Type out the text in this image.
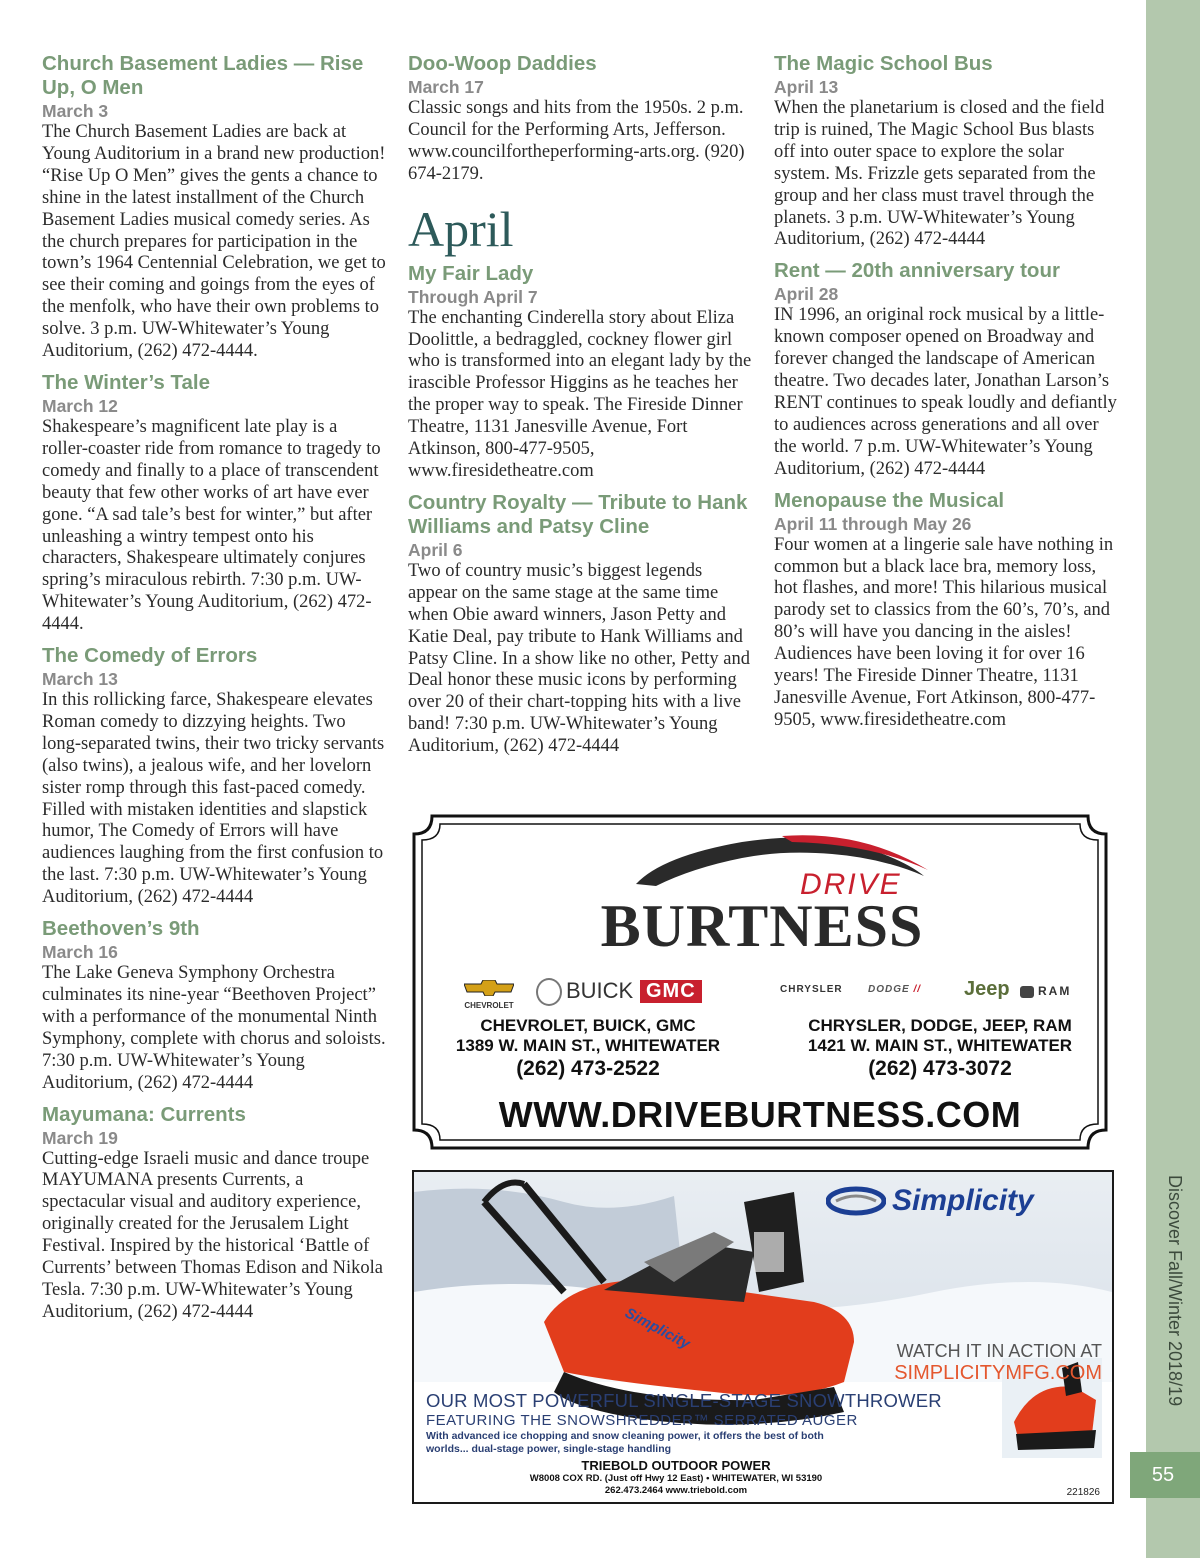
Church Basement Ladies — Rise Up, O Men
March 3
The Church Basement Ladies are back at Young Auditorium in a brand new production! “Rise Up O Men” gives the gents a chance to shine in the latest installment of the Church Basement Ladies musical comedy series. As the church prepares for participation in the town’s 1964 Centennial Celebration, we get to see their coming and goings from the eyes of the menfolk, who have their own problems to solve. 3 p.m. UW-Whitewater’s Young Auditorium, (262) 472-4444.
The Winter’s Tale
March 12
Shakespeare’s magnificent late play is a roller-coaster ride from romance to tragedy to comedy and finally to a place of transcendent beauty that few other works of art have ever gone. “A sad tale’s best for winter,” but after unleashing a wintry tempest onto his characters, Shakespeare ultimately conjures spring’s miraculous rebirth. 7:30 p.m. UW-Whitewater’s Young Auditorium, (262) 472-4444.
The Comedy of Errors
March 13
In this rollicking farce, Shakespeare elevates Roman comedy to dizzying heights. Two long-separated twins, their two tricky servants (also twins), a jealous wife, and her lovelorn sister romp through this fast-paced comedy. Filled with mistaken identities and slapstick humor, The Comedy of Errors will have audiences laughing from the first confusion to the last. 7:30 p.m. UW-Whitewater’s Young Auditorium, (262) 472-4444
Beethoven’s 9th
March 16
The Lake Geneva Symphony Orchestra culminates its nine-year “Beethoven Project” with a performance of the monumental Ninth Symphony, complete with chorus and soloists. 7:30 p.m. UW-Whitewater’s Young Auditorium, (262) 472-4444
Mayumana: Currents
March 19
Cutting-edge Israeli music and dance troupe MAYUMANA presents Currents, a spectacular visual and auditory experience, originally created for the Jerusalem Light Festival. Inspired by the historical ‘Battle of Currents’ between Thomas Edison and Nikola Tesla. 7:30 p.m. UW-Whitewater’s Young Auditorium, (262) 472-4444
Doo-Woop Daddies
March 17
Classic songs and hits from the 1950s. 2 p.m. Council for the Performing Arts, Jefferson. www.councilfortheperforming-arts.org. (920) 674-2179.
April
My Fair Lady
Through April 7
The enchanting Cinderella story about Eliza Doolittle, a bedraggled, cockney flower girl who is transformed into an elegant lady by the irascible Professor Higgins as he teaches her the proper way to speak. The Fireside Dinner Theatre, 1131 Janesville Avenue, Fort Atkinson, 800-477-9505, www.firesidetheatre.com
Country Royalty — Tribute to Hank Williams and Patsy Cline
April 6
Two of country music’s biggest legends appear on the same stage at the same time when Obie award winners, Jason Petty and Katie Deal, pay tribute to Hank Williams and Patsy Cline. In a show like no other, Petty and Deal honor these music icons by performing over 20 of their chart-topping hits with a live band! 7:30 p.m. UW-Whitewater’s Young Auditorium, (262) 472-4444
The Magic School Bus
April 13
When the planetarium is closed and the field trip is ruined, The Magic School Bus blasts off into outer space to explore the solar system. Ms. Frizzle gets separated from the group and her class must travel through the planets. 3 p.m. UW-Whitewater’s Young Auditorium, (262) 472-4444
Rent — 20th anniversary tour
April 28
IN 1996, an original rock musical by a little-known composer opened on Broadway and forever changed the landscape of American theatre. Two decades later, Jonathan Larson’s RENT continues to speak loudly and defiantly to audiences across generations and all over the world. 7 p.m. UW-Whitewater’s Young Auditorium, (262) 472-4444
Menopause the Musical
April 11 through May 26
Four women at a lingerie sale have nothing in common but a black lace bra, memory loss, hot flashes, and more! This hilarious musical parody set to classics from the 60’s, 70’s, and 80’s will have you dancing in the aisles! Audiences have been loving it for over 16 years! The Fireside Dinner Theatre, 1131 Janesville Avenue, Fort Atkinson, 800-477-9505, www.firesidetheatre.com
DRIVE
BURTNESS
CHEVROLET
BUICK GMC	CHRYSLER	DODGE // Jeep	RAM
CHEVROLET, BUICK, GMC
1389 W. MAIN ST., WHITEWATER
(262) 473-2522
CHRYSLER, DODGE, JEEP, RAM
1421 W. MAIN ST., WHITEWATER
(262) 473-3072
WWW.DRIVEBURTNESS.COM
Simplicity
Simplicity
WATCH IT IN ACTION AT
SIMPLICITYMFG.COM
OUR MOST POWERFUL SINGLE-STAGE SNOWTHROWER
FEATURING THE SNOWSHREDDER™ SERRATED AUGER
With advanced ice chopping and snow cleaning power, it offers the best of both worlds... dual-stage power, single-stage handling
TRIEBOLD OUTDOOR POWER
W8008 COX RD. (Just off Hwy 12 East) • WHITEWATER, WI 53190
262.473.2464 www.triebold.com	221826
Discover Fall/Winter 2018/19
55
